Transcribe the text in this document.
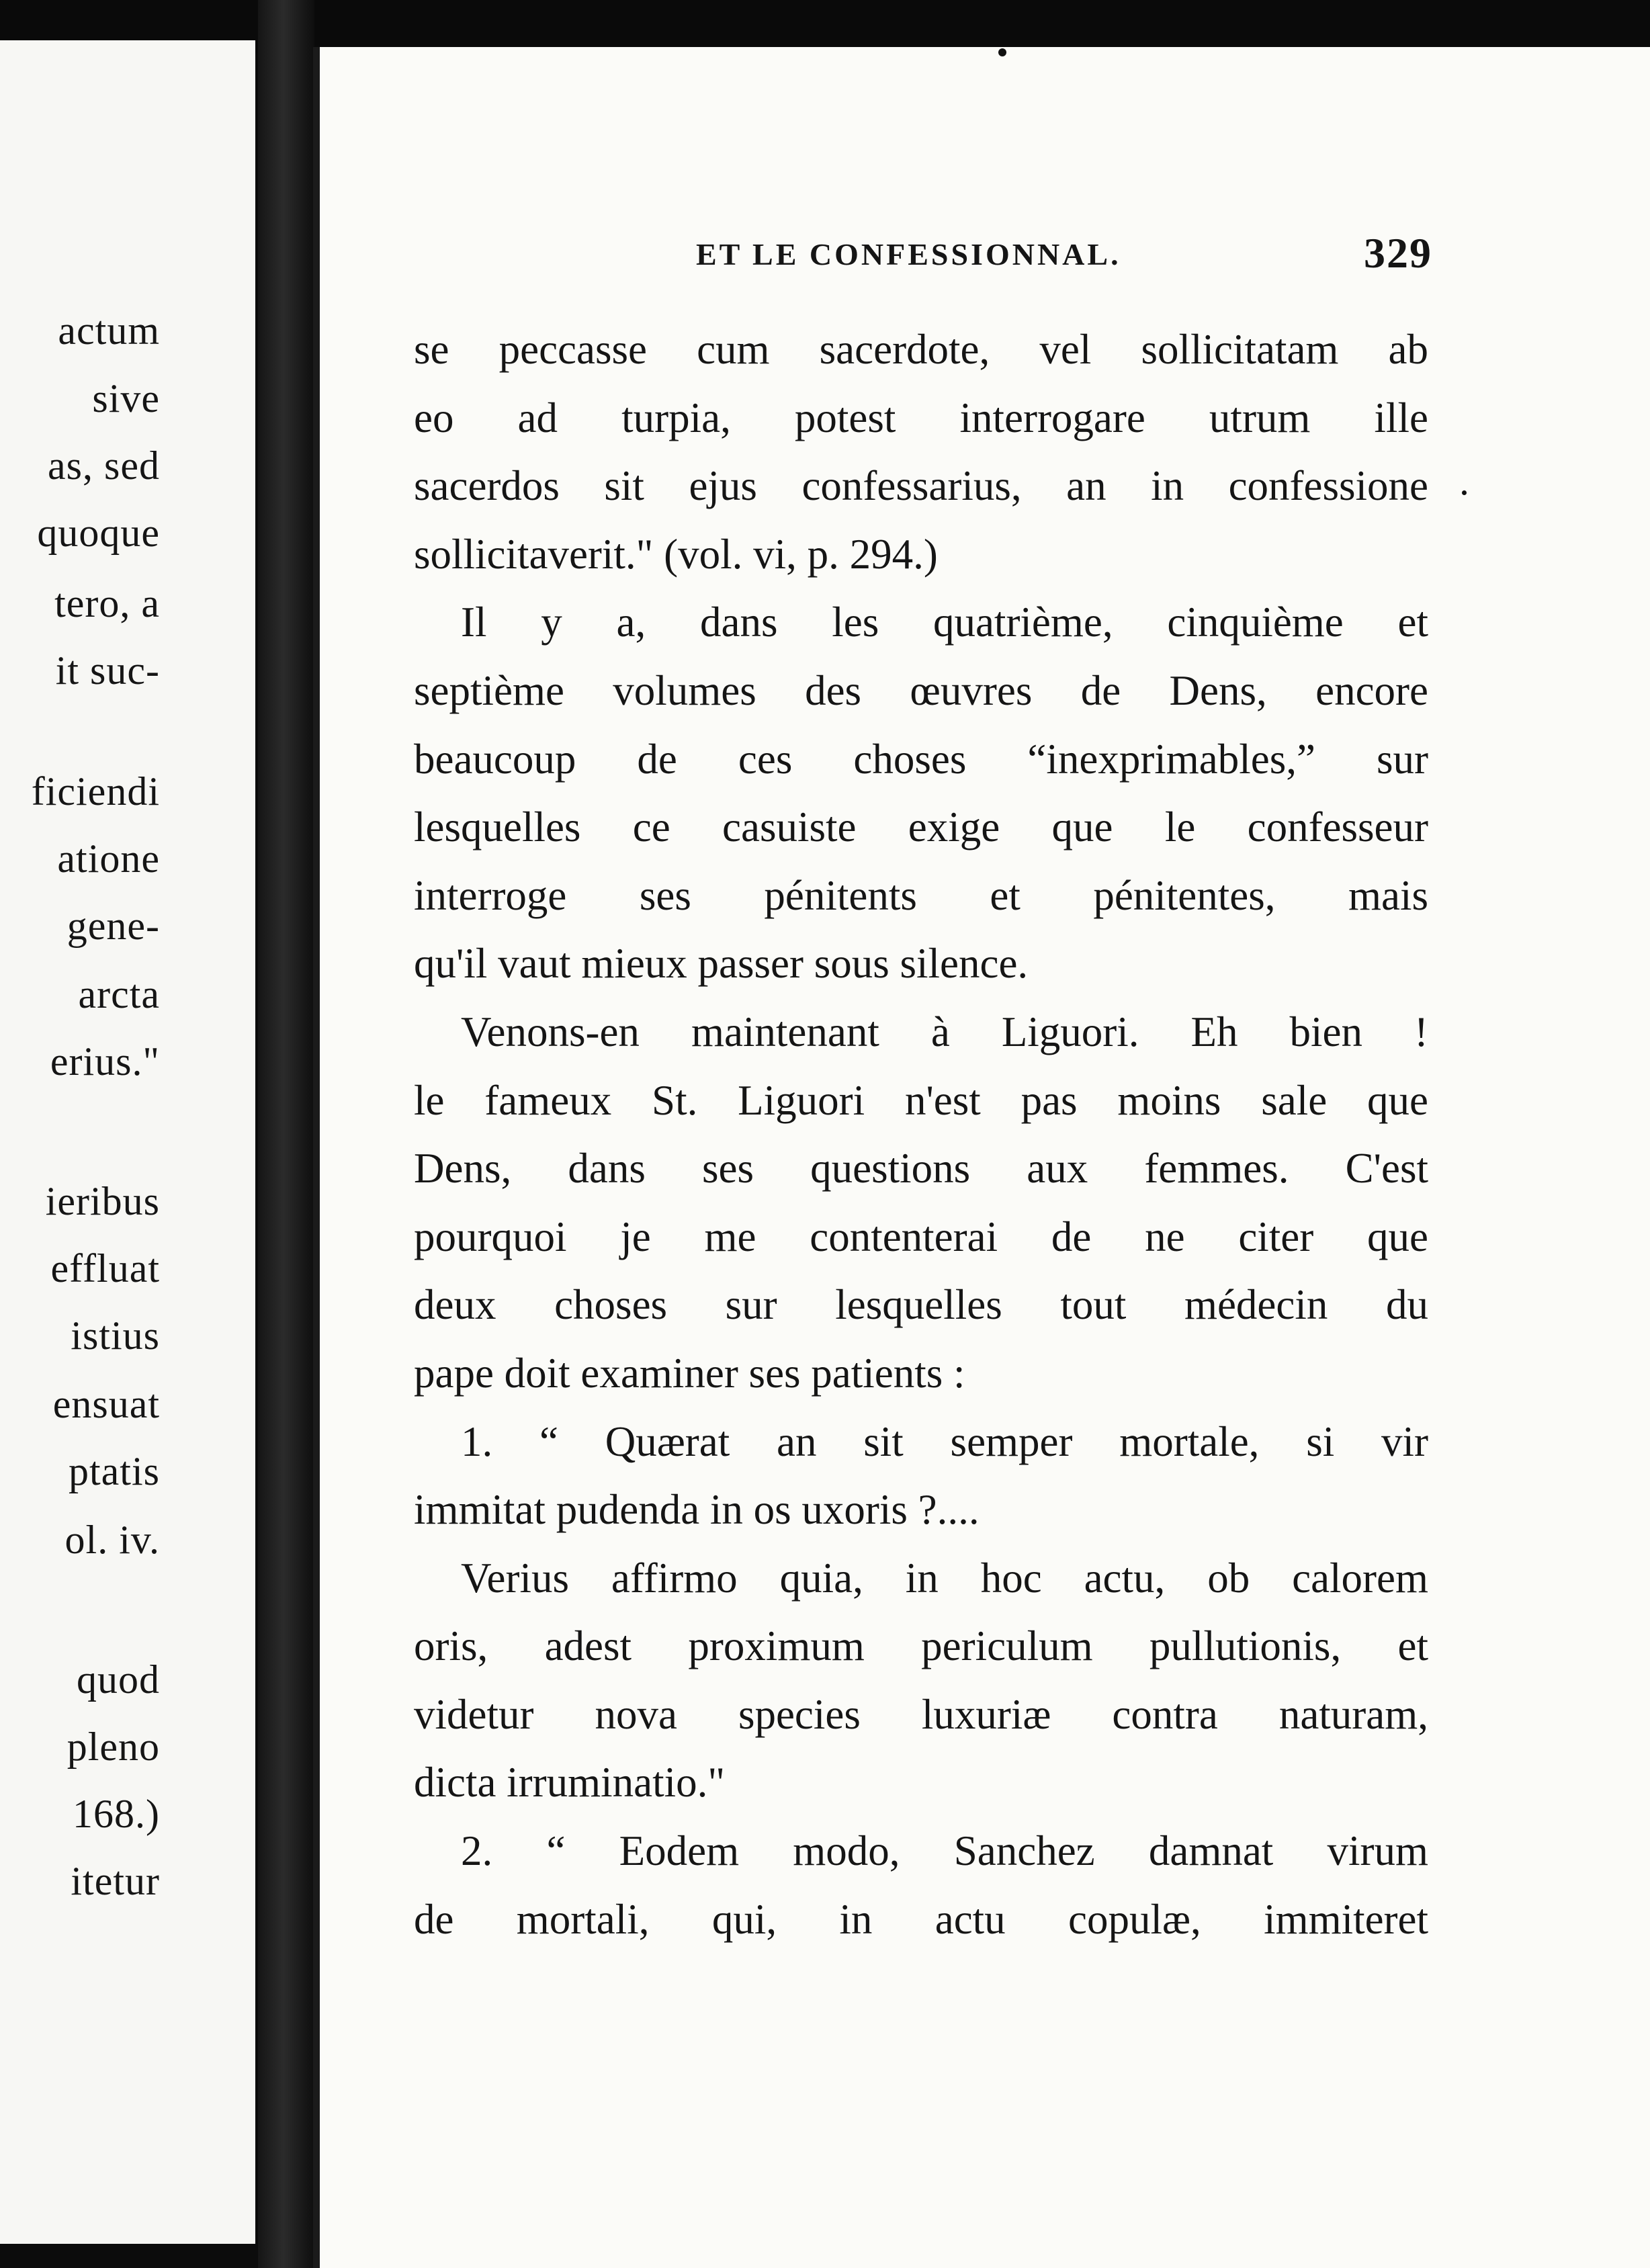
actum
sive
as, sed
quoque
tero, a
it suc-
ficiendi
atione
gene-
arcta
erius."
ieribus
effluat
istius
ensuat
ptatis
ol. iv.
quod
pleno
168.)
itetur
ET LE CONFESSIONNAL.	329
se peccasse cum sacerdote, vel sollicitatam ab
eo ad turpia, potest interrogare utrum ille
sacerdos sit ejus confessarius, an in confessione
sollicitaverit." (vol. vi, p. 294.)
Il y a, dans les quatrième, cinquième et
septième volumes des œuvres de Dens, encore
beaucoup de ces choses “inexprimables,” sur
lesquelles ce casuiste exige que le confesseur
interroge ses pénitents et pénitentes, mais
qu'il vaut mieux passer sous silence.
Venons-en maintenant à Liguori. Eh bien !
le fameux St. Liguori n'est pas moins sale que
Dens, dans ses questions aux femmes. C'est
pourquoi je me contenterai de ne citer que
deux choses sur lesquelles tout médecin du
pape doit examiner ses patients :
1. “ Quærat an sit semper mortale, si vir
immitat pudenda in os uxoris ?....
Verius affirmo quia, in hoc actu, ob calorem
oris, adest proximum periculum pullutionis, et
videtur nova species luxuriæ contra naturam,
dicta irruminatio."
2. “ Eodem modo, Sanchez damnat virum
de mortali, qui, in actu copulæ, immiteret
